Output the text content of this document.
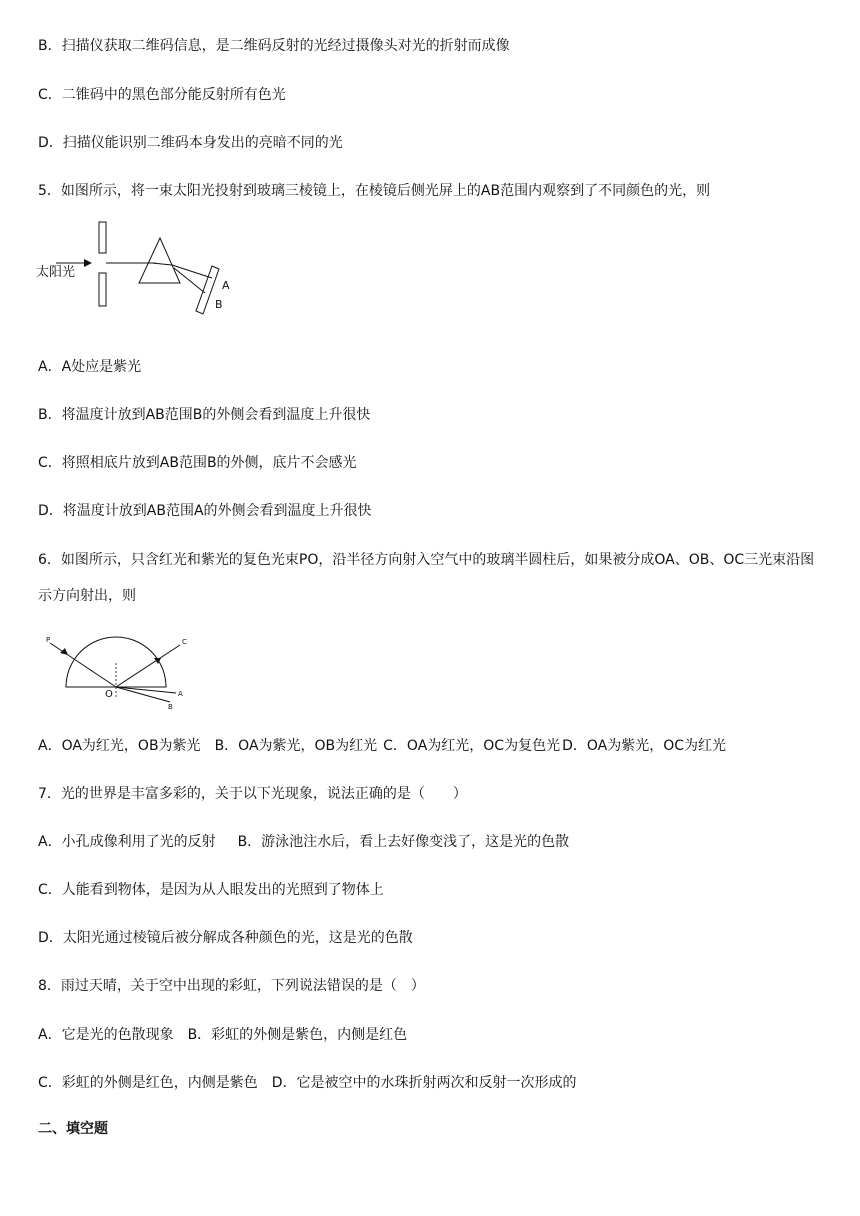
B．扫描仪获取二维码信息，是二维码反射的光经过摄像头对光的折射而成像
C．二锥码中的黑色部分能反射所有色光
D．扫描仪能识别二维码本身发出的亮暗不同的光
5．如图所示，将一束太阳光投射到玻璃三棱镜上，在棱镜后侧光屏上的AB范围内观察到了不同颜色的光，则
太阳光
A
B
A．A处应是紫光
B．将温度计放到AB范围B的外侧会看到温度上升很快
C．将照相底片放到AB范围B的外侧，底片不会感光
D．将温度计放到AB范围A的外侧会看到温度上升很快
6．如图所示，只含红光和紫光的复色光束PO，沿半径方向射入空气中的玻璃半圆柱后，如果被分成OA、OB、OC三光束沿图示方向射出，则
P	C
O	A
B
A．OA为红光，OB为紫光 B．OA为紫光，OB为红光 C．OA为红光，OC为复色光 D．OA为紫光，OC为红光
7．光的世界是丰富多彩的，关于以下光现象，说法正确的是（　　）
A．小孔成像利用了光的反射 B．游泳池注水后，看上去好像变浅了，这是光的色散
C．人能看到物体，是因为从人眼发出的光照到了物体上
D．太阳光通过棱镜后被分解成各种颜色的光，这是光的色散
8．雨过天晴，关于空中出现的彩虹，下列说法错误的是（　）
A．它是光的色散现象 B．彩虹的外侧是紫色，内侧是红色
C．彩虹的外侧是红色，内侧是紫色 D．它是被空中的水珠折射两次和反射一次形成的
二、填空题
